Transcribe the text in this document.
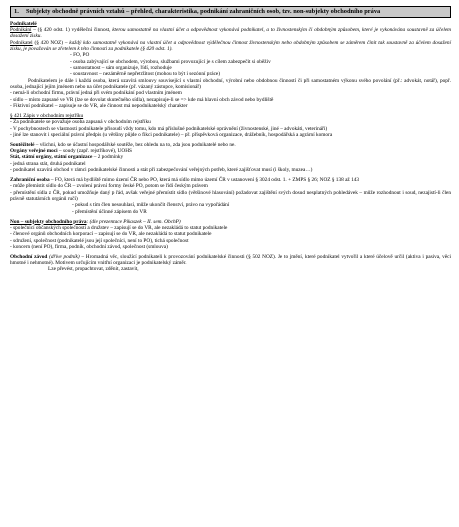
1. Subjekty obchodně právních vztahů – přehled, charakteristika, podnikání zahraničních osob, tzv. non-subjekty obchodního práva

Podnikatelé

Podnikání – (§ 420 odst. 1) vyděleční činnost, kterou samostatně na vlastní účet a odpovědnost vykonává podnikatel, a to živnostenským či obdobným způsobem, které je vykonávána soustavně za účelem dosažení zisku.

Podnikatel (§ 420 NOZ) – každý kdo samostatně vykonává na vlastní účet a odpovědnost výdělečnou činnost živnostenským nebo obdobným způsobem se záměrem činit tak soustavně za účelem dosažení zisku, je považován se zřetelem k této činnosti za podnikatele (§ 420 odst. 1).

- FO, PO

- osoba zabývající se obchodem, výrobou, službami provozující je s cílem zabezpečit si oběživ

- samostatnost – sám organizuje, řídí, rozhoduje

- soustavnost – nezáměrně nepřetržitost (mohou to být i sezónní práce)

Podnikatelem je dále i každá osoba, která uzavírá smlouvy související s vlastní obchodní, výrobní nebo obdobnou činností či při samostatném výkonu svého povolání (př.: advokát, notář), popř. osoba, jednající jejím jménem nebo na účet podnikatele (př. vázaný zástupce, komisionář)

- nemá-li obchodní firmu, právní jedná při svém podnikání pod vlastním jménem

- sídlo – místo zapsané ve VR (lze se dovolat skutečného sídla), nezapisuje-li se => kde má hlavní obch závod nebo bydliště

- Fiktivní podnikatel – zapisuje se do VR, ale činnost má nepodnikatelský charakter

§ 421 Zápis v obchodním rejstříku

- Za podnikatele se považuje osoba zapsaná v obchodním rejstříku

- V pochybnostech se vlastnosti podnikatele přisoudí vždy tomu, kdo má příslušné podnikatelské oprávnění (živnostenské, jiné – advokáti, veterináři)

- jiné lze stanovit i speciální právní předpis (u většiny půjde o fikci podnikatele) – př. příspěvková organizace, drážebník, hospodářská a agrární komora

Soutěžitelé – všichni, kdo se účastní hospodářské soutěže, bez ohledu na to, zda jsou podnikatelé nebo ne.

Orgány veřejné moci – soudy (zapř. rejstříkové), UOHS

Stát, státní orgány, státní organizace – 2 podmínky

- jedná strana stát, druhá podnikatel

- podnikatel uzavírá obchod v rámci podnikatelské činnosti a stát při zabezpečování veřejných potřeb, které zajišťovat musí (i školy, muzea…)

Zahraniční osoba – FO, která má bydliště mimo území ČR nebo PO, která má sídlo mimo území ČR v ustanovení § 3024 odst. 1. + ZMPS § 26; NOZ § 138 až 143

- může přemístit sídlo do ČR – zvolení právní formy české PO, potom se řídí českým právem

- přemístění sídla z ČR, pokud umožňuje daný p řád, avšak veřejné přemístit sídlo (většinové hlasování) požadovat zajištění svých dosud nesplatných pohledávek – může rozhodnout i soud, nezajistí-li člen právně statutárních orgánů ručí)

- pokud s tím člen nesouhlasí, může ukončit členství, právo na vypořádání

- přemístění účinné zápisem do VR

Non – subjekty obchodního práva: (dle prezentace Pikaszek – II. sem. ObchP)

- společnicí občanských společností a družstev – zapisují se do VR, ale nezakládá to statut podnikatele

- členové orgánů obchodních korporací – zapisují se do VR, ale nezakládá to statut podnikatele

- sdružení, společnost (podnikatelé jsou její společníci, není to PO), tichá společnost

- koncern (není PO), firma, podník, obchodní závod, společnost (smlouva)

Obchodní závod (dříve podník) – Hromadná věc, sloužící podnikateli k provozování podnikatelské činnosti (§ 502 NOZ). Je to jmění, které podnikatel vytvořil a které účelově určil (aktiva i pasiva, věci hmotné i nehmotné). Motivem určujícím vnitřní organizaci je podnikatelský záměr.

Lze převést, propachtovat, zděnit, zastavit,
